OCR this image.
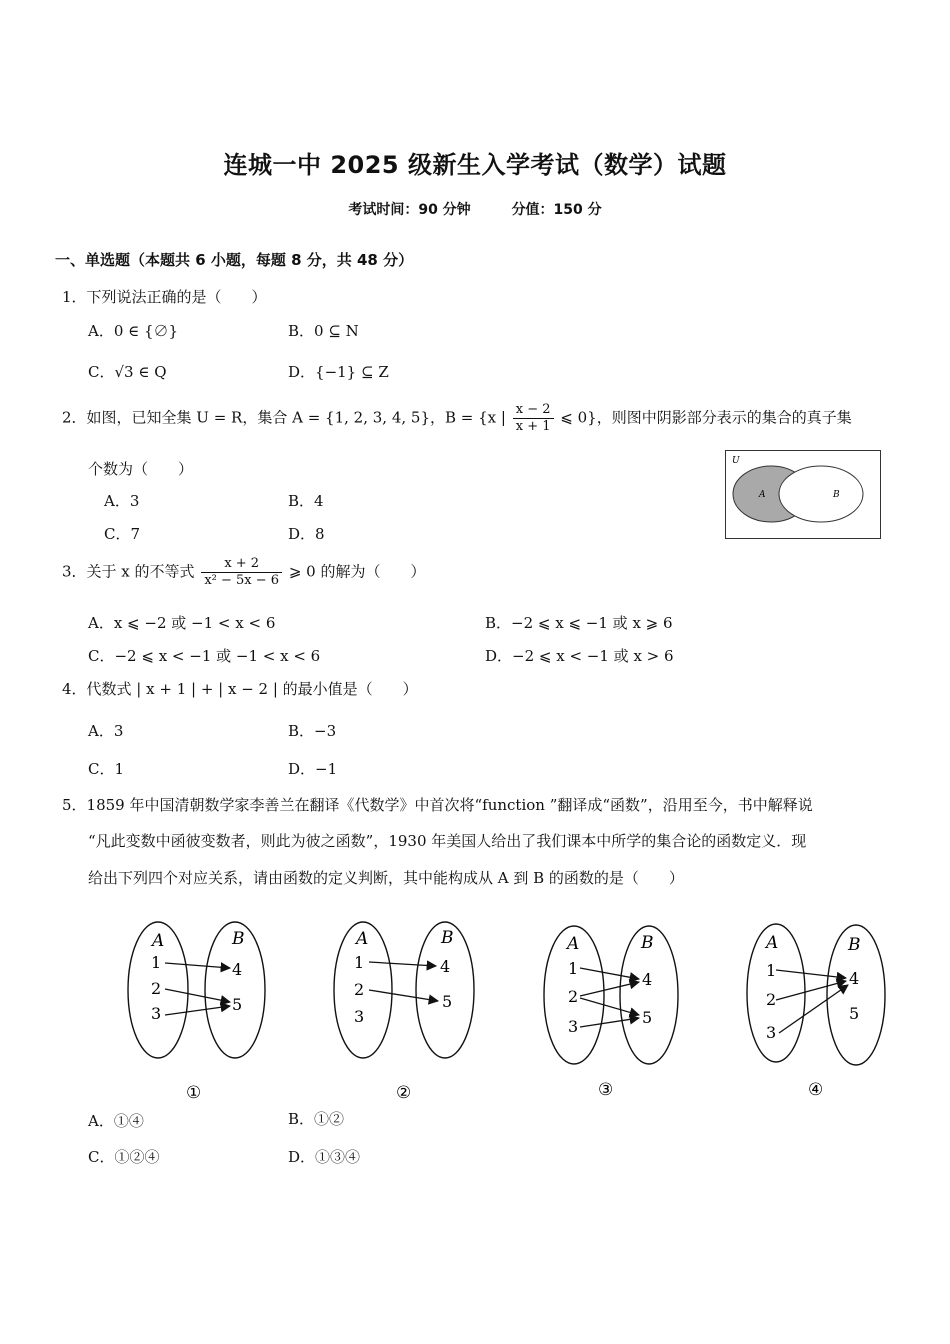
连城一中 2025 级新生入学考试（数学）试题
考试时间：90 分钟	分值：150 分
一、单选题（本题共 6 小题，每题 8 分，共 48 分）
1．下列说法正确的是（　　）
A．0 ∈ {∅}	B．0 ⊆ N
C．√3 ∈ Q	D．{−1} ⊆ Z
2．如图，已知全集 U = R，集合 A = {1, 2, 3, 4, 5}，B = {x | $\frac{x - 2}{x + 1}$ ⩽ 0}，则图中阴影部分表示的集合的真子集
个数为（　　）
A．3	B．4
C．7	D．8
U
A	B
3．关于 x 的不等式 $\frac{x + 2}{\text{x² − 5x − 6}}$ ⩾ 0 的解为（　　）
A．x ⩽ −2 或 −1 < x < 6	B．−2 ⩽ x ⩽ −1 或 x ⩾ 6
C．−2 ⩽ x < −1 或 −1 < x < 6	D．−2 ⩽ x < −1 或 x > 6
4．代数式 | x + 1 | + | x − 2 | 的最小值是（　　）
A．3	B．−3
C．1	D．−1
5．1859 年中国清朝数学家李善兰在翻译《代数学》中首次将“function ”翻译成“函数”，沿用至今，书中解释说
“凡此变数中函彼变数者，则此为彼之函数”，1930 年美国人给出了我们课本中所学的集合论的函数定义．现
给出下列四个对应关系，请由函数的定义判断，其中能构成从 A 到 B 的函数的是（　　）
A	B
1
2
3
4
5
①
A	B
1
2
3
4
5
②
A	B
1
2
3
4
5
③
A	B
1
2
3
4
5
④
A．①④	B．①②
C．①②④	D．①③④
